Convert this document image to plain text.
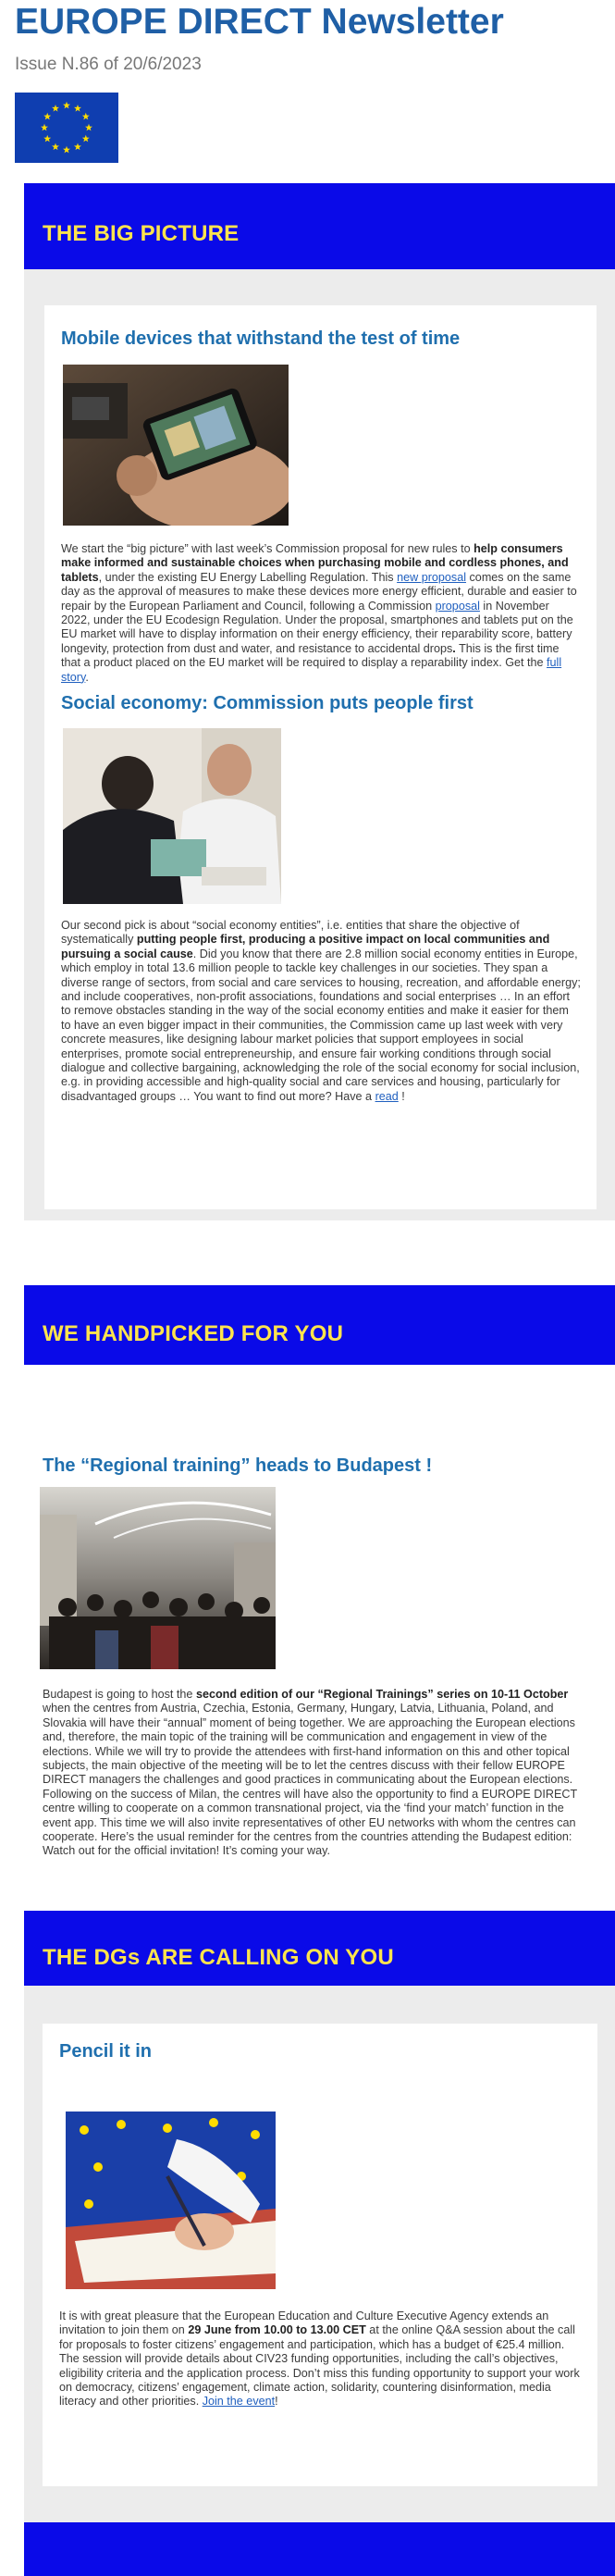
EUROPE DIRECT Newsletter
Issue N.86 of 20/6/2023
THE BIG PICTURE
Mobile devices that withstand the test of time

We start the “big picture” with last week’s Commission proposal for new rules to help consumers make informed and sustainable choices when purchasing mobile and cordless phones, and tablets, under the existing EU Energy Labelling Regulation. This new proposal comes on the same day as the approval of measures to make these devices more energy efficient, durable and easier to repair by the European Parliament and Council, following a Commission proposal in November 2022, under the EU Ecodesign Regulation. Under the proposal, smartphones and tablets put on the EU market will have to display information on their energy efficiency, their reparability score, battery longevity, protection from dust and water, and resistance to accidental drops. This is the first time that a product placed on the EU market will be required to display a reparability index. Get the full story.

Social economy: Commission puts people first

Our second pick is about “social economy entities”, i.e. entities that share the objective of systematically putting people first, producing a positive impact on local communities and pursuing a social cause. Did you know that there are 2.8 million social economy entities in Europe, which employ in total 13.6 million people to tackle key challenges in our societies. They span a diverse range of sectors, from social and care services to housing, recreation, and affordable energy; and include cooperatives, non-profit associations, foundations and social enterprises … In an effort to remove obstacles standing in the way of the social economy entities and make it easier for them to have an even bigger impact in their communities, the Commission came up last week with very concrete measures, like designing labour market policies that support employees in social enterprises, promote social entrepreneurship, and ensure fair working conditions through social dialogue and collective bargaining, acknowledging the role of the social economy for social inclusion, e.g. in providing accessible and high-quality social and care services and housing, particularly for disadvantaged groups … You want to find out more? Have a read !

WE HANDPICKED FOR YOU
The “Regional training” heads to Budapest !

Budapest is going to host the second edition of our “Regional Trainings” series on 10-11 October when the centres from Austria, Czechia, Estonia, Germany, Hungary, Latvia, Lithuania, Poland, and Slovakia will have their “annual” moment of being together. We are approaching the European elections and, therefore, the main topic of the training will be communication and engagement in view of the elections. While we will try to provide the attendees with first-hand information on this and other topical subjects, the main objective of the meeting will be to let the centres discuss with their fellow EUROPE DIRECT managers the challenges and good practices in communicating about the European elections. Following on the success of Milan, the centres will have also the opportunity to find a EUROPE DIRECT centre willing to cooperate on a common transnational project, via the ‘find your match’ function in the event app. This time we will also invite representatives of other EU networks with whom the centres can cooperate. Here’s the usual reminder for the centres from the countries attending the Budapest edition: Watch out for the official invitation! It’s coming your way.

THE DGs ARE CALLING ON YOU
Pencil it in

It is with great pleasure that the European Education and Culture Executive Agency extends an invitation to join them on 29 June from 10.00 to 13.00 CET at the online Q&A session about the call for proposals to foster citizens’ engagement and participation, which has a budget of €25.4 million. The session will provide details about CIV23 funding opportunities, including the call’s objectives, eligibility criteria and the application process. Don’t miss this funding opportunity to support your work on democracy, citizens’ engagement, climate action, solidarity, countering disinformation, media literacy and other priorities. Join the event!
